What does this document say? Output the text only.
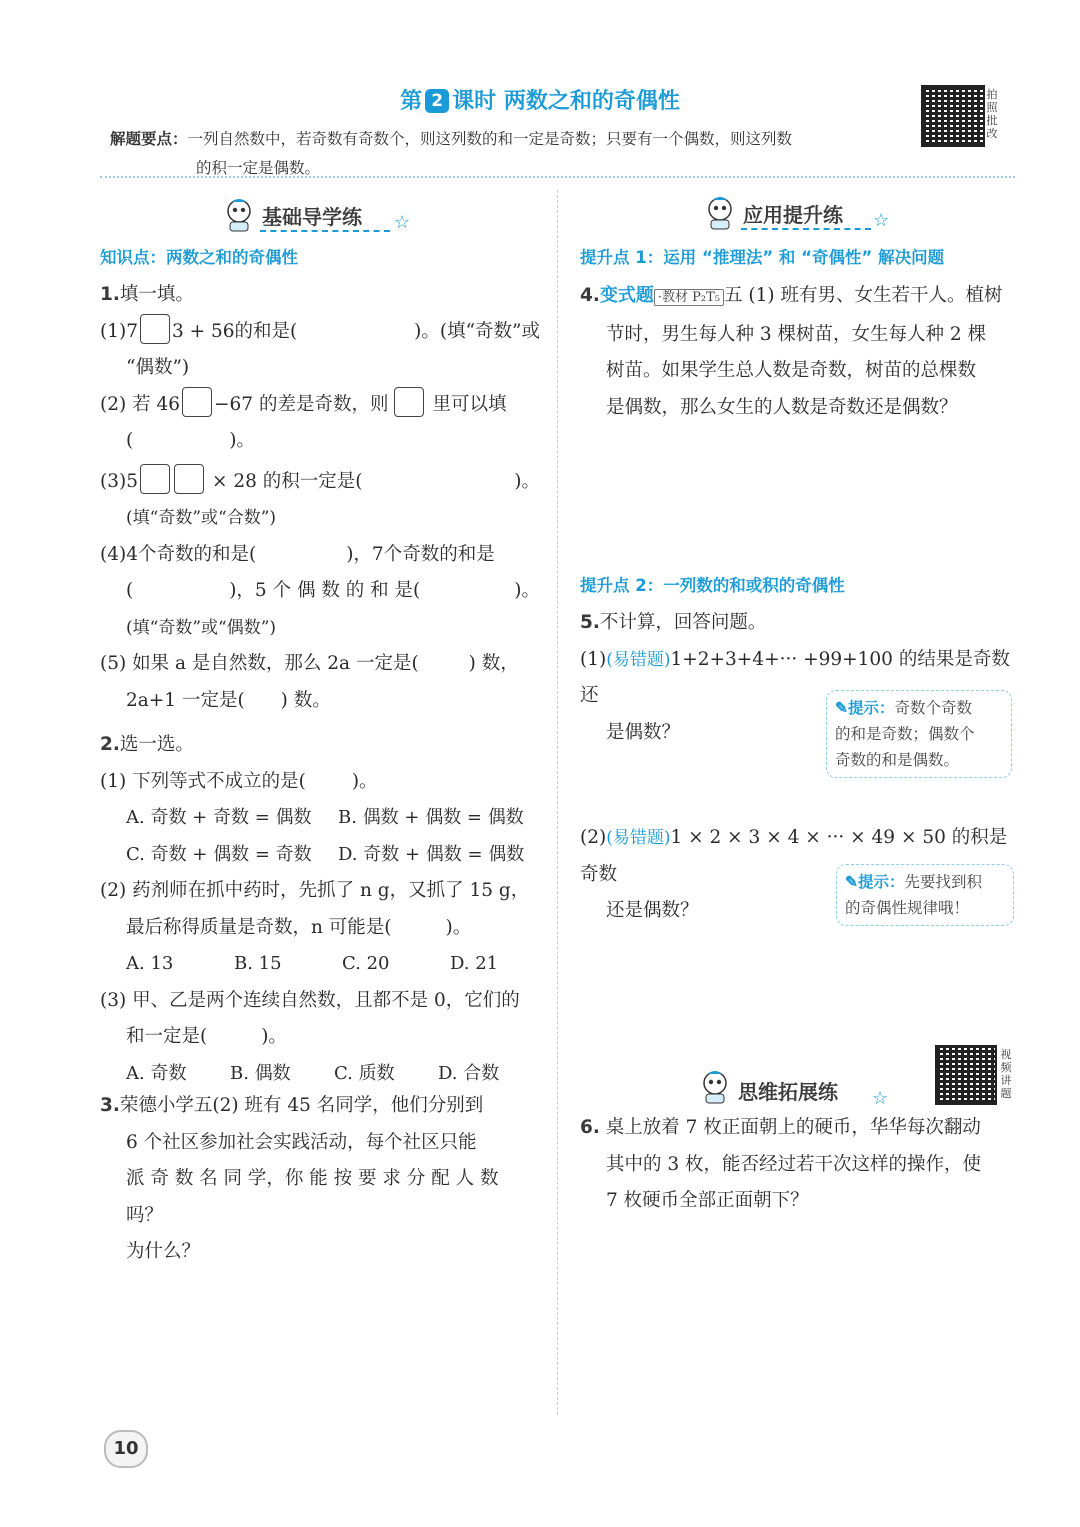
第 2 课时 两数之和的奇偶性	拍照批改
解题要点：一列自然数中，若奇数有奇数个，则这列数的和一定是奇数；只要有一个偶数，则这列数
的积一定是偶数。
基础导学练 ☆
知识点：两数之和的奇偶性
1.填一填。
(1)7 3 + 56的和是(	)。(填“奇数”或
“偶数”)
(2) 若 46 −67 的差是奇数，则 里可以填
(	)。
(3)5	× 28 的积一定是(	)。
(填“奇数”或“合数”)
(4)4个奇数的和是(	)，7个奇数的和是
(	)，5 个 偶 数 的 和 是(	)。
(填“奇数”或“偶数”)
(5) 如果 a 是自然数，那么 2a 一定是(	) 数，
2a+1 一定是( ) 数。
2.选一选。
(1) 下列等式不成立的是( )。
A. 奇数 + 奇数 = 偶数	B. 偶数 + 偶数 = 偶数
C. 奇数 + 偶数 = 奇数	D. 奇数 + 偶数 = 偶数
(2) 药剂师在抓中药时，先抓了 n g，又抓了 15 g，
最后称得质量是奇数，n 可能是(	)。
A. 13	B. 15	C. 20	D. 21
(3) 甲、乙是两个连续自然数，且都不是 0，它们的
和一定是(	)。
A. 奇数	B. 偶数	C. 质数	D. 合数
3.荣德小学五(2) 班有 45 名同学，他们分别到
6 个社区参加社会实践活动，每个社区只能
派 奇 数 名 同 学，你 能 按 要 求 分 配 人 数 吗？
为什么？
应用提升练 ☆
提升点 1：运用 “推理法” 和 “奇偶性” 解决问题
4.变式题 ·教材 P₂T₅ 五 (1) 班有男、女生若干人。植树
节时，男生每人种 3 棵树苗，女生每人种 2 棵
树苗。如果学生总人数是奇数，树苗的总棵数
是偶数，那么女生的人数是奇数还是偶数？
提升点 2：一列数的和或积的奇偶性
5.不计算，回答问题。
(1)(易错题)1+2+3+4+··· +99+100 的结果是奇数还
是偶数？
✎提示：奇数个奇数
的和是奇数；偶数个
奇数的和是偶数。
(2)(易错题)1 × 2 × 3 × 4 × ··· × 49 × 50 的积是奇数
还是偶数？
✎提示：先要找到积
的奇偶性规律哦！
视频讲题
思维拓展练 ☆
6. 桌上放着 7 枚正面朝上的硬币，华华每次翻动
其中的 3 枚，能否经过若干次这样的操作，使
7 枚硬币全部正面朝下？
10
